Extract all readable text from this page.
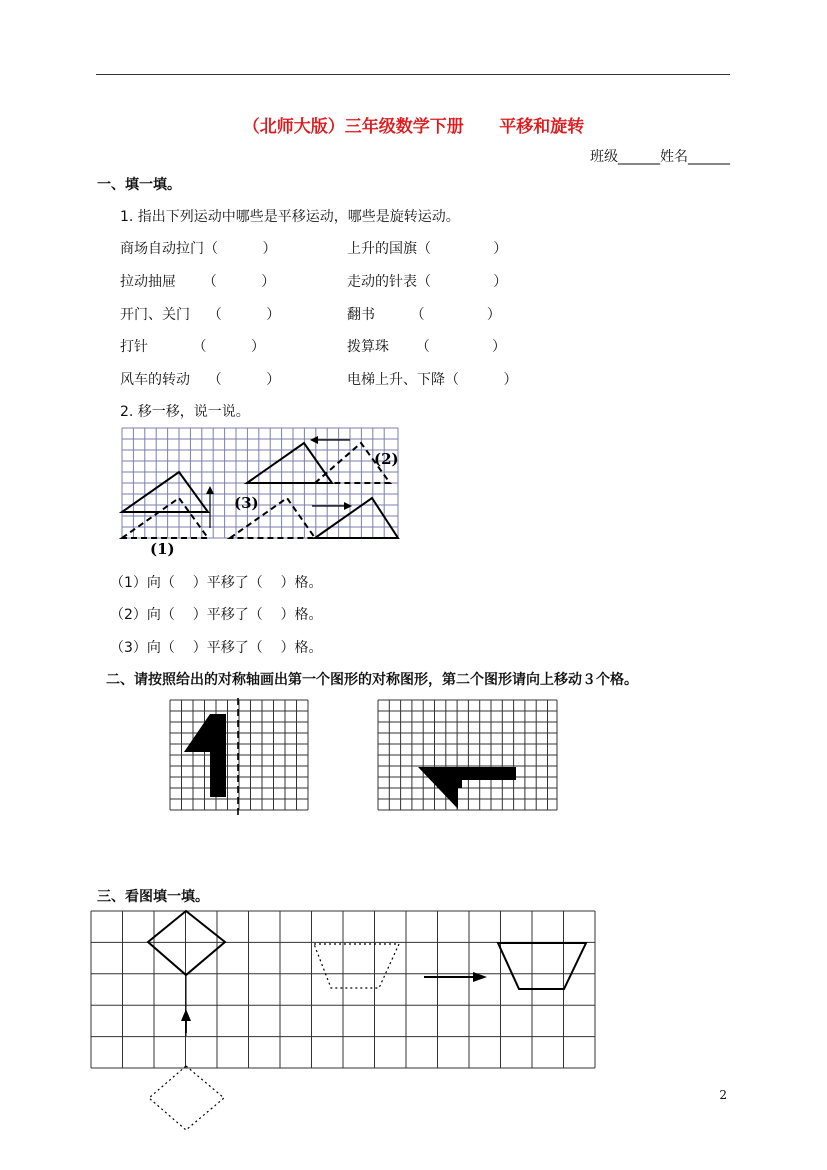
（北师大版）三年级数学下册      平移和旋转
班级______姓名______
一、填一填。
1. 指出下列运动中哪些是平移运动，哪些是旋转运动。
商场自动拉门（          ）
拉动抽屉      （          ）
开门、关门    （          ）
打针          （          ）
风车的转动    （          ）
上升的国旗（              ）
走动的针表（              ）
翻书        （              ）
拨算珠      （              ）
电梯上升、下降（          ）
2. 移一移，说一说。
(1)
(2)
(3)
（1）向（    ）平移了（    ）格。
（2）向（    ）平移了（    ）格。
（3）向（    ）平移了（    ）格。
二、请按照给出的对称轴画出第一个图形的对称图形，第二个图形请向上移动３个格。
三、看图填一填。
2
